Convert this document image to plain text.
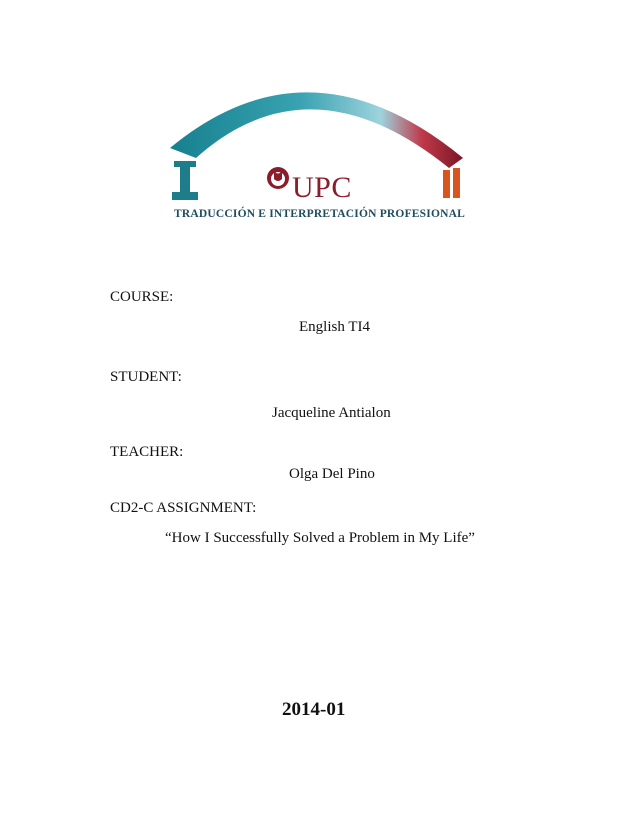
UPC
TRADUCCIÓN E INTERPRETACIÓN PROFESIONAL
COURSE:
English TI4
STUDENT:
Jacqueline Antialon
TEACHER:
Olga Del Pino
CD2-C ASSIGNMENT:
“How I Successfully Solved a Problem in My Life”
2014-01
